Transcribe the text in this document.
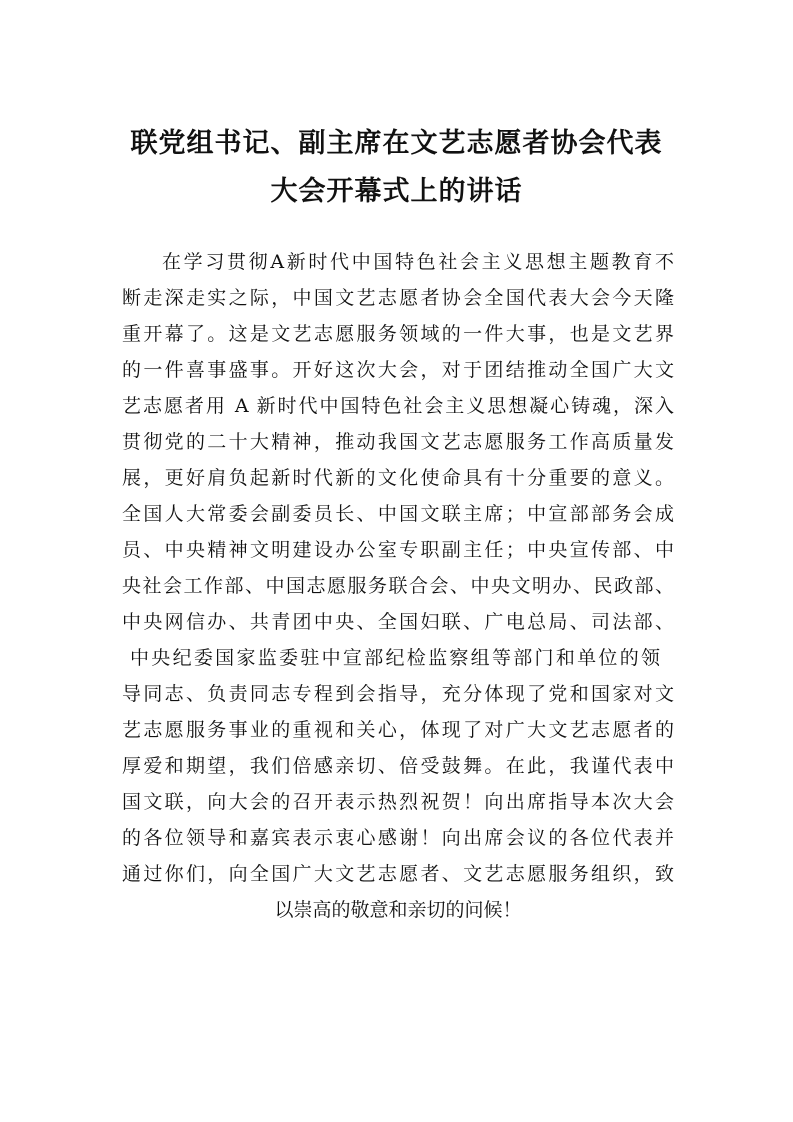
联党组书记、副主席在文艺志愿者协会代表
大会开幕式上的讲话
在学习贯彻A新时代中国特色社会主义思想主题教育不
断走深走实之际，中国文艺志愿者协会全国代表大会今天隆
重开幕了。这是文艺志愿服务领域的一件大事，也是文艺界
的一件喜事盛事。开好这次大会，对于团结推动全国广大文
艺志愿者用 A 新时代中国特色社会主义思想凝心铸魂，深入
贯彻党的二十大精神，推动我国文艺志愿服务工作高质量发
展，更好肩负起新时代新的文化使命具有十分重要的意义。
全国人大常委会副委员长、中国文联主席；中宣部部务会成
员、中央精神文明建设办公室专职副主任；中央宣传部、中
央社会工作部、中国志愿服务联合会、中央文明办、民政部、
中央网信办、共青团中央、全国妇联、广电总局、司法部、
中央纪委国家监委驻中宣部纪检监察组等部门和单位的领
导同志、负责同志专程到会指导，充分体现了党和国家对文
艺志愿服务事业的重视和关心，体现了对广大文艺志愿者的
厚爱和期望，我们倍感亲切、倍受鼓舞。在此，我谨代表中
国文联，向大会的召开表示热烈祝贺！向出席指导本次大会
的各位领导和嘉宾表示衷心感谢！向出席会议的各位代表并
通过你们，向全国广大文艺志愿者、文艺志愿服务组织，致
以崇高的敬意和亲切的问候！
